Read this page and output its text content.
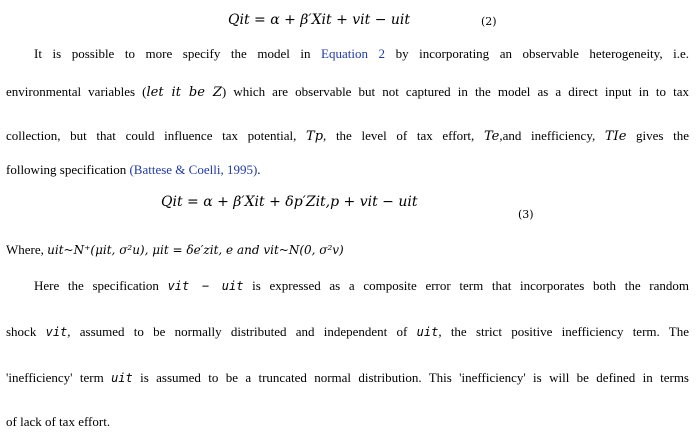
Qit = α + β′Xit + vit − uit	(2)
It is possible to more specify the model in Equation 2 by incorporating an observable heterogeneity, i.e.
environmental variables (let it be Z) which are observable but not captured in the model as a direct input in to tax
collection, but that could influence tax potential, Tp, the level of tax effort, Te,and inefficiency, TIe gives the
following specification (Battese & Coelli, 1995).
Qit = α + β′Xit + δp′Zit,p + vit − uit
(3)
Where, uit~N⁺(μit, σ²u), μit = δe′zit, e and vit~N(0, σ²v)
Here the specification vit − uit is expressed as a composite error term that incorporates both the random
shock vit, assumed to be normally distributed and independent of uit, the strict positive inefficiency term. The
'inefficiency' term uit is assumed to be a truncated normal distribution. This 'inefficiency' is will be defined in terms
of lack of tax effort.
